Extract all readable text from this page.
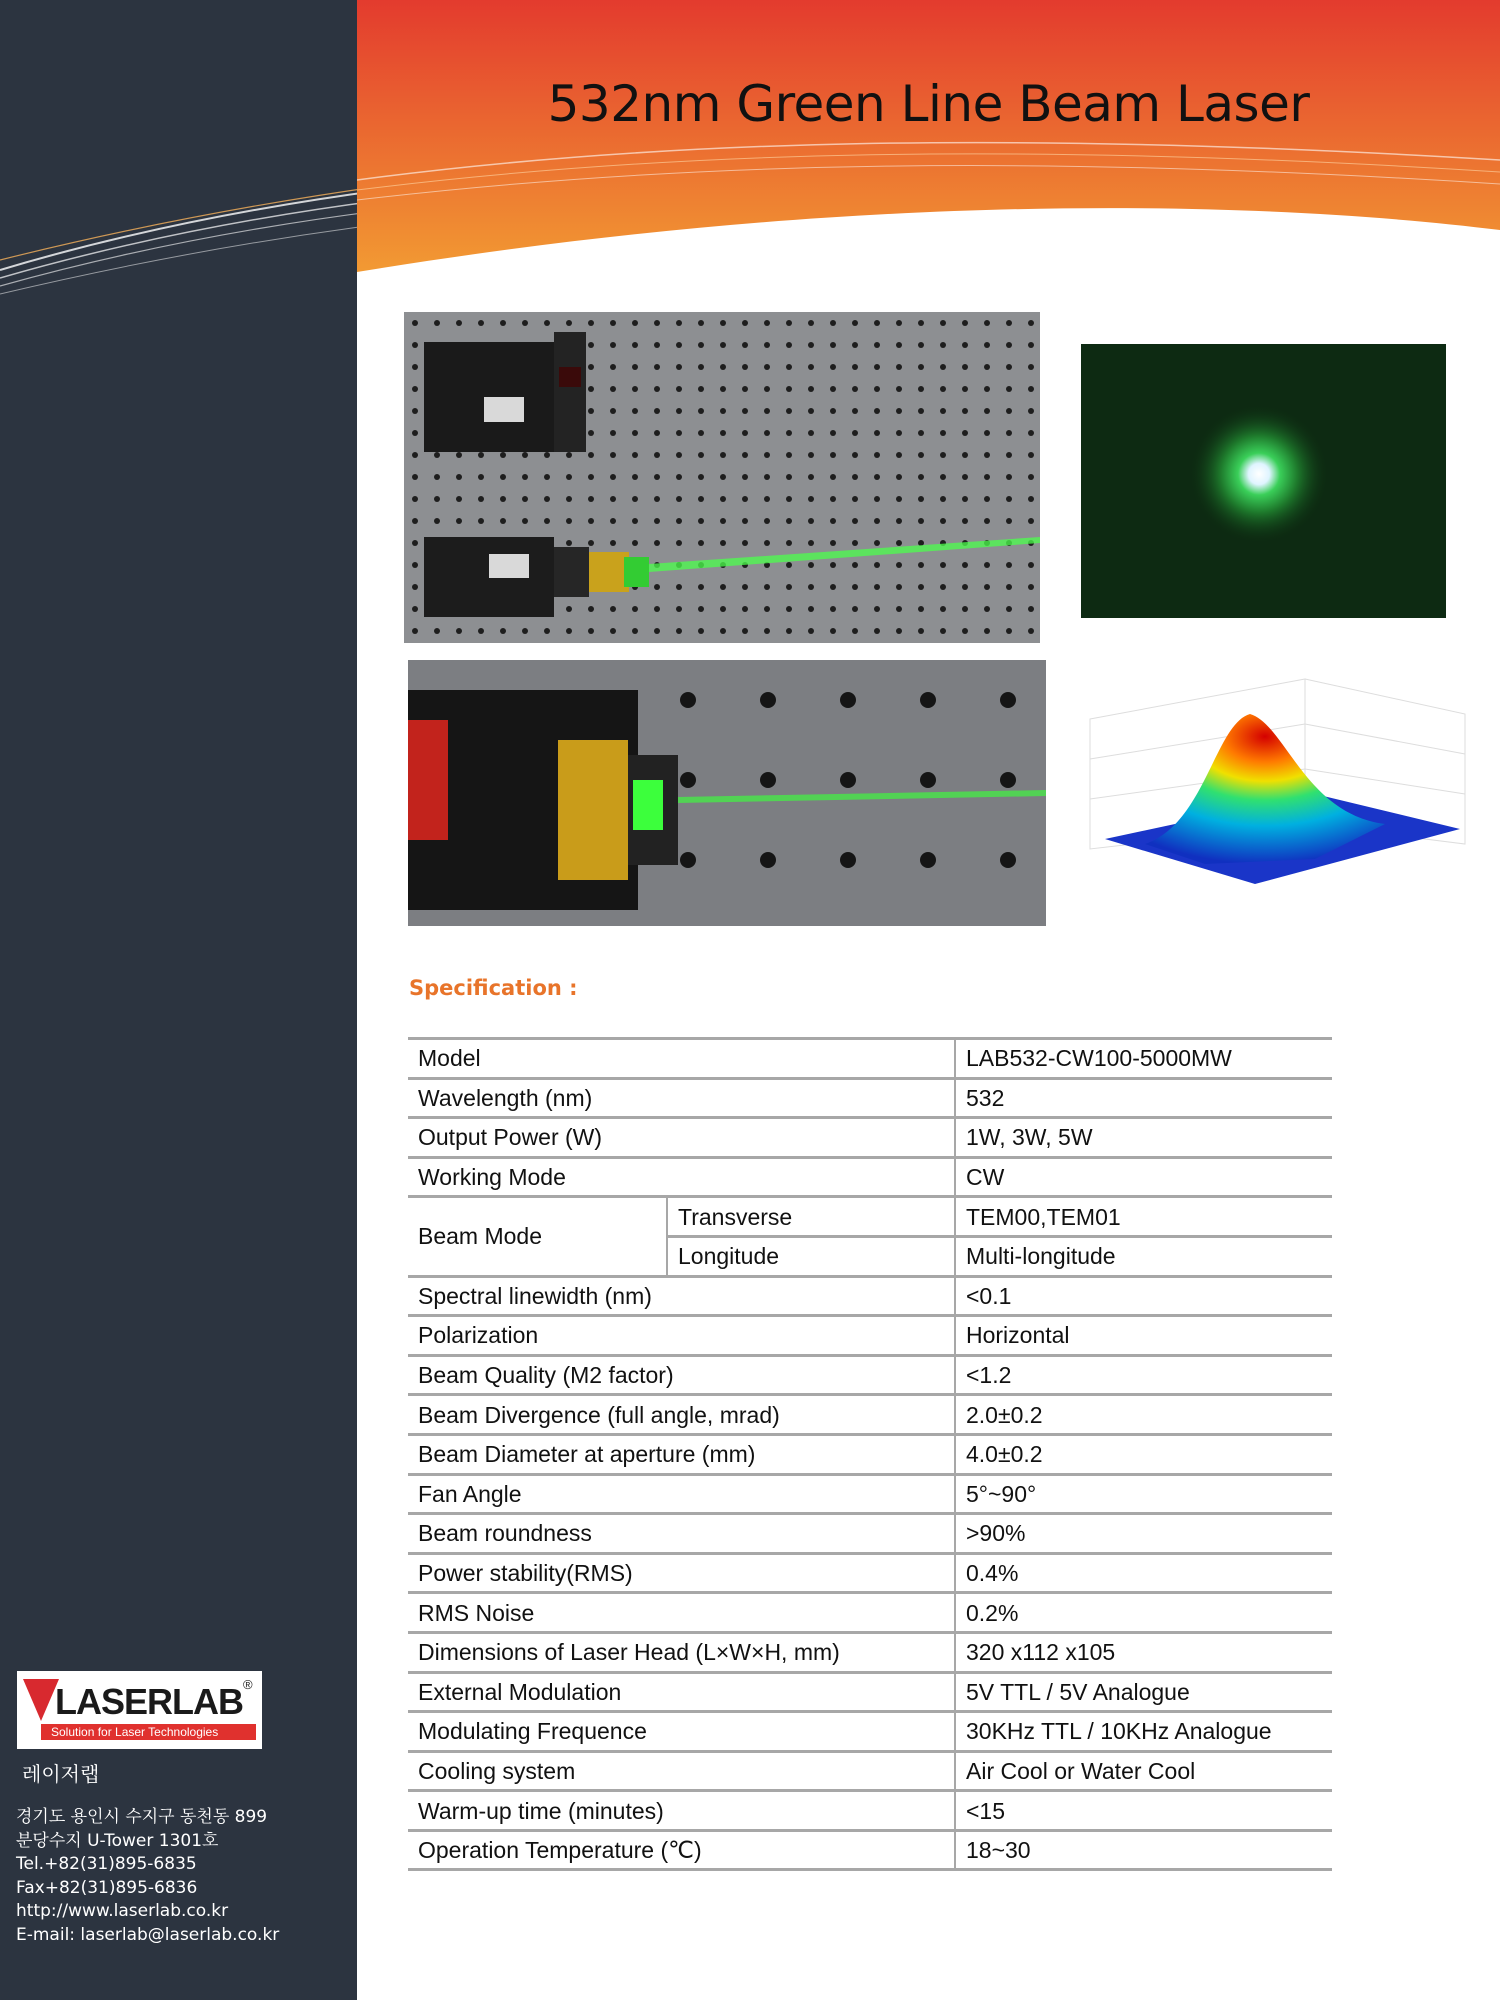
532nm Green Line Beam Laser
Specification :
Model		LAB532-CW100-5000MW
Wavelength (nm)		532
Output Power (W)		1W, 3W, 5W
Working Mode		CW
Beam Mode	Transverse	TEM00,TEM01
	Longitude	Multi-longitude
Spectral linewidth (nm)		<0.1
Polarization		Horizontal
Beam Quality (M2 factor)		<1.2
Beam Divergence (full angle, mrad)		2.0±0.2
Beam Diameter at aperture (mm)		4.0±0.2
Fan Angle		5°~90°
Beam roundness		>90%
Power stability(RMS)		0.4%
RMS Noise		0.2%
Dimensions of Laser Head (L×W×H, mm)		320 x112 x105
External Modulation		5V TTL / 5V Analogue
Modulating Frequence		30KHz TTL / 10KHz Analogue
Cooling system		Air Cool or Water Cool
Warm-up time (minutes)		<15
Operation Temperature (℃)		18~30
LASERLAB ®
Solution for Laser Technologies
레이저랩
경기도 용인시 수지구 동천동 899
분당수지 U-Tower 1301호
Tel.+82(31)895-6835
Fax+82(31)895-6836
http://www.laserlab.co.kr
E-mail: laserlab@laserlab.co.kr
